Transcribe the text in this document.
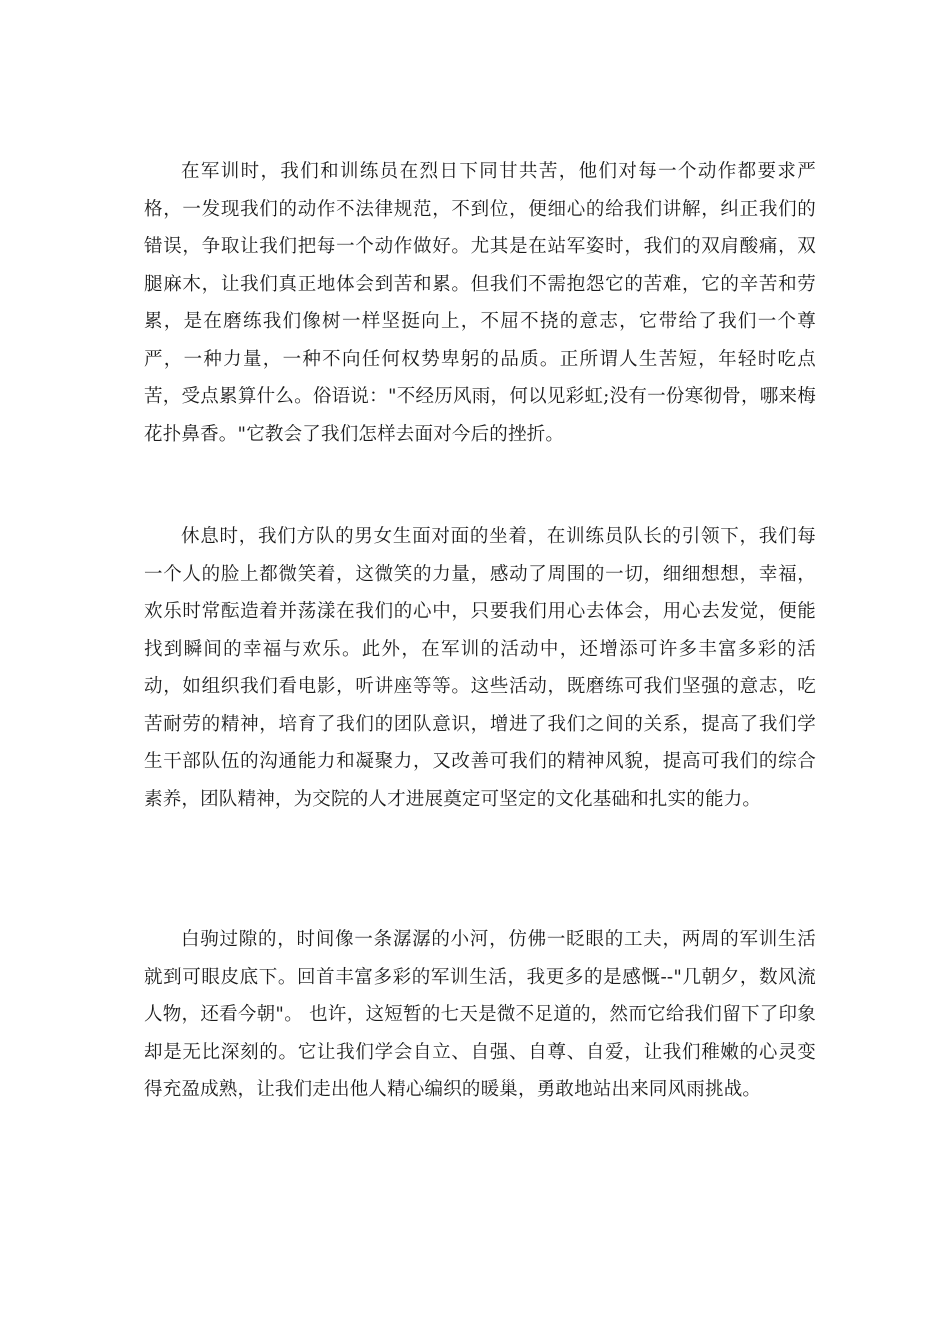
在军训时，我们和训练员在烈日下同甘共苦，他们对每一个动作都要求严格，一发现我们的动作不法律规范，不到位，便细心的给我们讲解，纠正我们的错误，争取让我们把每一个动作做好。尤其是在站军姿时，我们的双肩酸痛，双腿麻木，让我们真正地体会到苦和累。但我们不需抱怨它的苦难，它的辛苦和劳累，是在磨练我们像树一样坚挺向上，不屈不挠的意志，它带给了我们一个尊严，一种力量，一种不向任何权势卑躬的品质。正所谓人生苦短，年轻时吃点苦，受点累算什么。俗语说："不经历风雨，何以见彩虹;没有一份寒彻骨，哪来梅花扑鼻香。"它教会了我们怎样去面对今后的挫折。

休息时，我们方队的男女生面对面的坐着，在训练员队长的引领下，我们每一个人的脸上都微笑着，这微笑的力量，感动了周围的一切，细细想想，幸福，欢乐时常酝造着并荡漾在我们的心中，只要我们用心去体会，用心去发觉，便能找到瞬间的幸福与欢乐。此外，在军训的活动中，还增添可许多丰富多彩的活动，如组织我们看电影，听讲座等等。这些活动，既磨练可我们坚强的意志，吃苦耐劳的精神，培育了我们的团队意识，增进了我们之间的关系，提高了我们学生干部队伍的沟通能力和凝聚力，又改善可我们的精神风貌，提高可我们的综合素养，团队精神，为交院的人才进展奠定可坚定的文化基础和扎实的能力。

白驹过隙的，时间像一条潺潺的小河，仿佛一眨眼的工夫，两周的军训生活就到可眼皮底下。回首丰富多彩的军训生活，我更多的是感慨--"几朝夕，数风流人物，还看今朝"。 也许，这短暂的七天是微不足道的，然而它给我们留下了印象却是无比深刻的。它让我们学会自立、自强、自尊、自爱，让我们稚嫩的心灵变得充盈成熟，让我们走出他人精心编织的暖巢，勇敢地站出来同风雨挑战。
